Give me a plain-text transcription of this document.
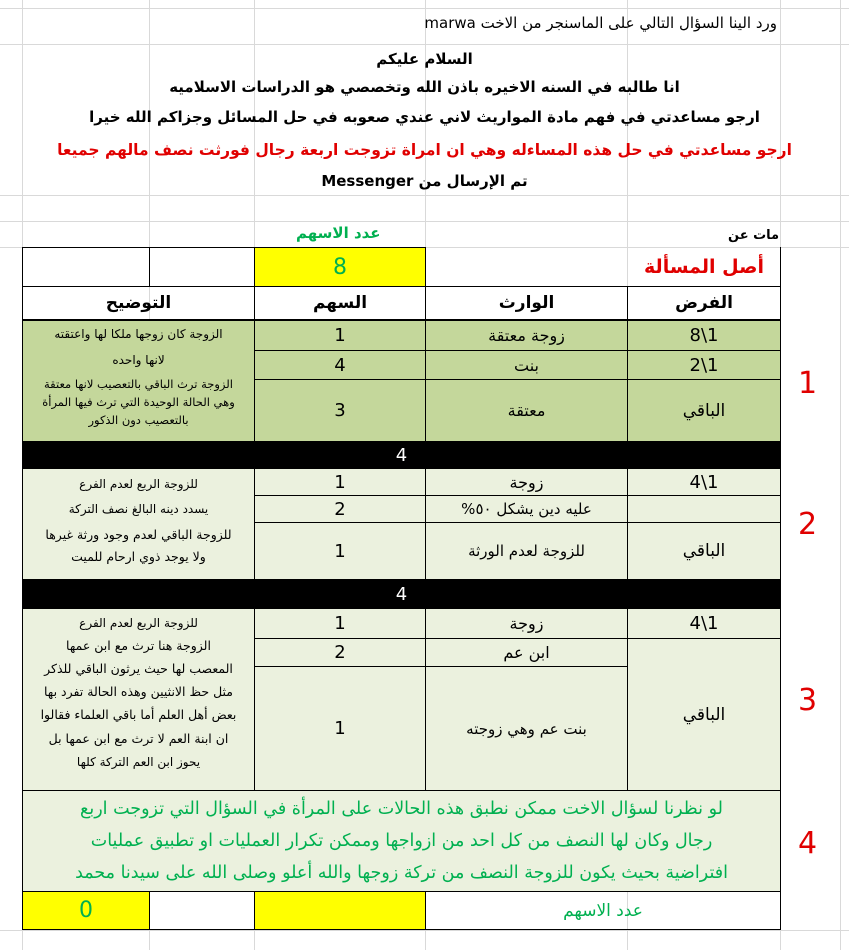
ورد الينا السؤال التالي على الماسنجر من الاخت marwa
السلام عليكم
انا طالبه في السنه الاخيره باذن الله وتخصصي هو الدراسات الاسلاميه
ارجو مساعدتي في فهم مادة المواريث لاني عندي صعوبه في حل المسائل وجزاكم الله خيرا
ارجو مساعدتي في حل هذه المساءله وهي ان امراة تزوجت اربعة رجال فورثت نصف مالهم جميعا
تم الإرسال من Messenger
مات عن
عدد الاسهم
8	أصل المسألة
الفرض
الوارث
السهم
التوضيح
1\8
زوجة معتقة
1
1\2
بنت
4
الباقي
معتقة
3
الزوجة كان زوجها ملكا لها واعتقته
لانها واحده
الزوجة ترث الباقي بالتعصيب لانها معتقة
وهي الحالة الوحيدة التي ترث فيها المرأة
بالتعصيب دون الذكور
1
4
1\4
زوجة
1
عليه دين يشكل ٥٠%
2
الباقي
للزوجة لعدم الورثة
1
للزوجة الربع لعدم الفرع
يسدد دينه البالغ نصف التركة
للزوجة الباقي لعدم وجود ورثة غيرها
ولا يوجد ذوي ارحام للميت
2
4
1\4
زوجة
1
الباقي
ابن عم
2
بنت عم وهي زوجته
1
للزوجة الربع لعدم الفرع
الزوجة هنا ترث مع ابن عمها
المعصب لها حيث يرثون الباقي للذكر
مثل حظ الانثيين وهذه الحالة تفرد بها
بعض أهل العلم أما باقي العلماء فقالوا
ان ابنة العم لا ترث مع ابن عمها بل
يحوز ابن العم التركة كلها
3
لو نظرنا لسؤال الاخت ممكن نطبق هذه الحالات على المرأة في السؤال التي تزوجت اربع
رجال وكان لها النصف من كل احد من ازواجها وممكن تكرار العمليات او تطبيق عمليات
افتراضية بحيث يكون للزوجة النصف من تركة زوجها والله أعلو وصلى الله على سيدنا محمد
4
0	عدد الاسهم
